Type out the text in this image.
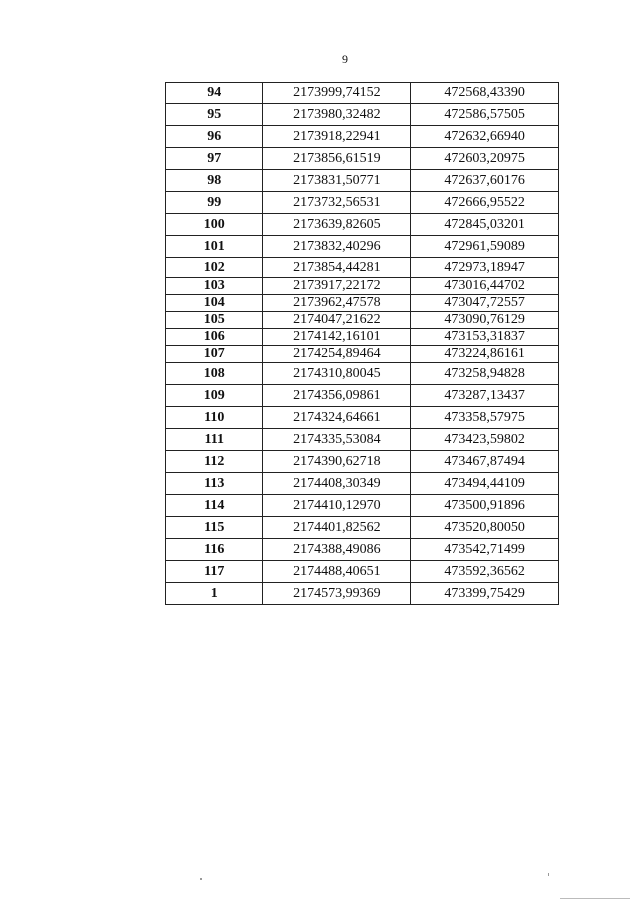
9
94	2173999,74152	472568,43390
95	2173980,32482	472586,57505
96	2173918,22941	472632,66940
97	2173856,61519	472603,20975
98	2173831,50771	472637,60176
99	2173732,56531	472666,95522
100	2173639,82605	472845,03201
101	2173832,40296	472961,59089
102	2173854,44281	472973,18947
103	2173917,22172	473016,44702
104	2173962,47578	473047,72557
105	2174047,21622	473090,76129
106	2174142,16101	473153,31837
107	2174254,89464	473224,86161
108	2174310,80045	473258,94828
109	2174356,09861	473287,13437
110	2174324,64661	473358,57975
111	2174335,53084	473423,59802
112	2174390,62718	473467,87494
113	2174408,30349	473494,44109
114	2174410,12970	473500,91896
115	2174401,82562	473520,80050
116	2174388,49086	473542,71499
117	2174488,40651	473592,36562
1	2174573,99369	473399,75429
